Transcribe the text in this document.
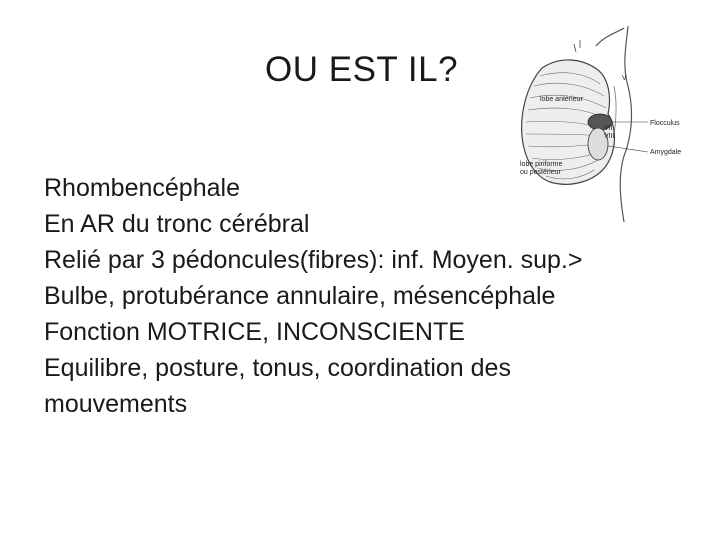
OU EST IL?
lobe antérieur
Flocculus
Amygdale
lobe piriforme
ou postérieur
V
VII
VIII
Rhombencéphale
En AR du tronc cérébral
Relié par 3 pédoncules(fibres): inf. Moyen. sup.>
Bulbe, protubérance annulaire, mésencéphale
Fonction MOTRICE, INCONSCIENTE
Equilibre, posture, tonus, coordination des mouvements
